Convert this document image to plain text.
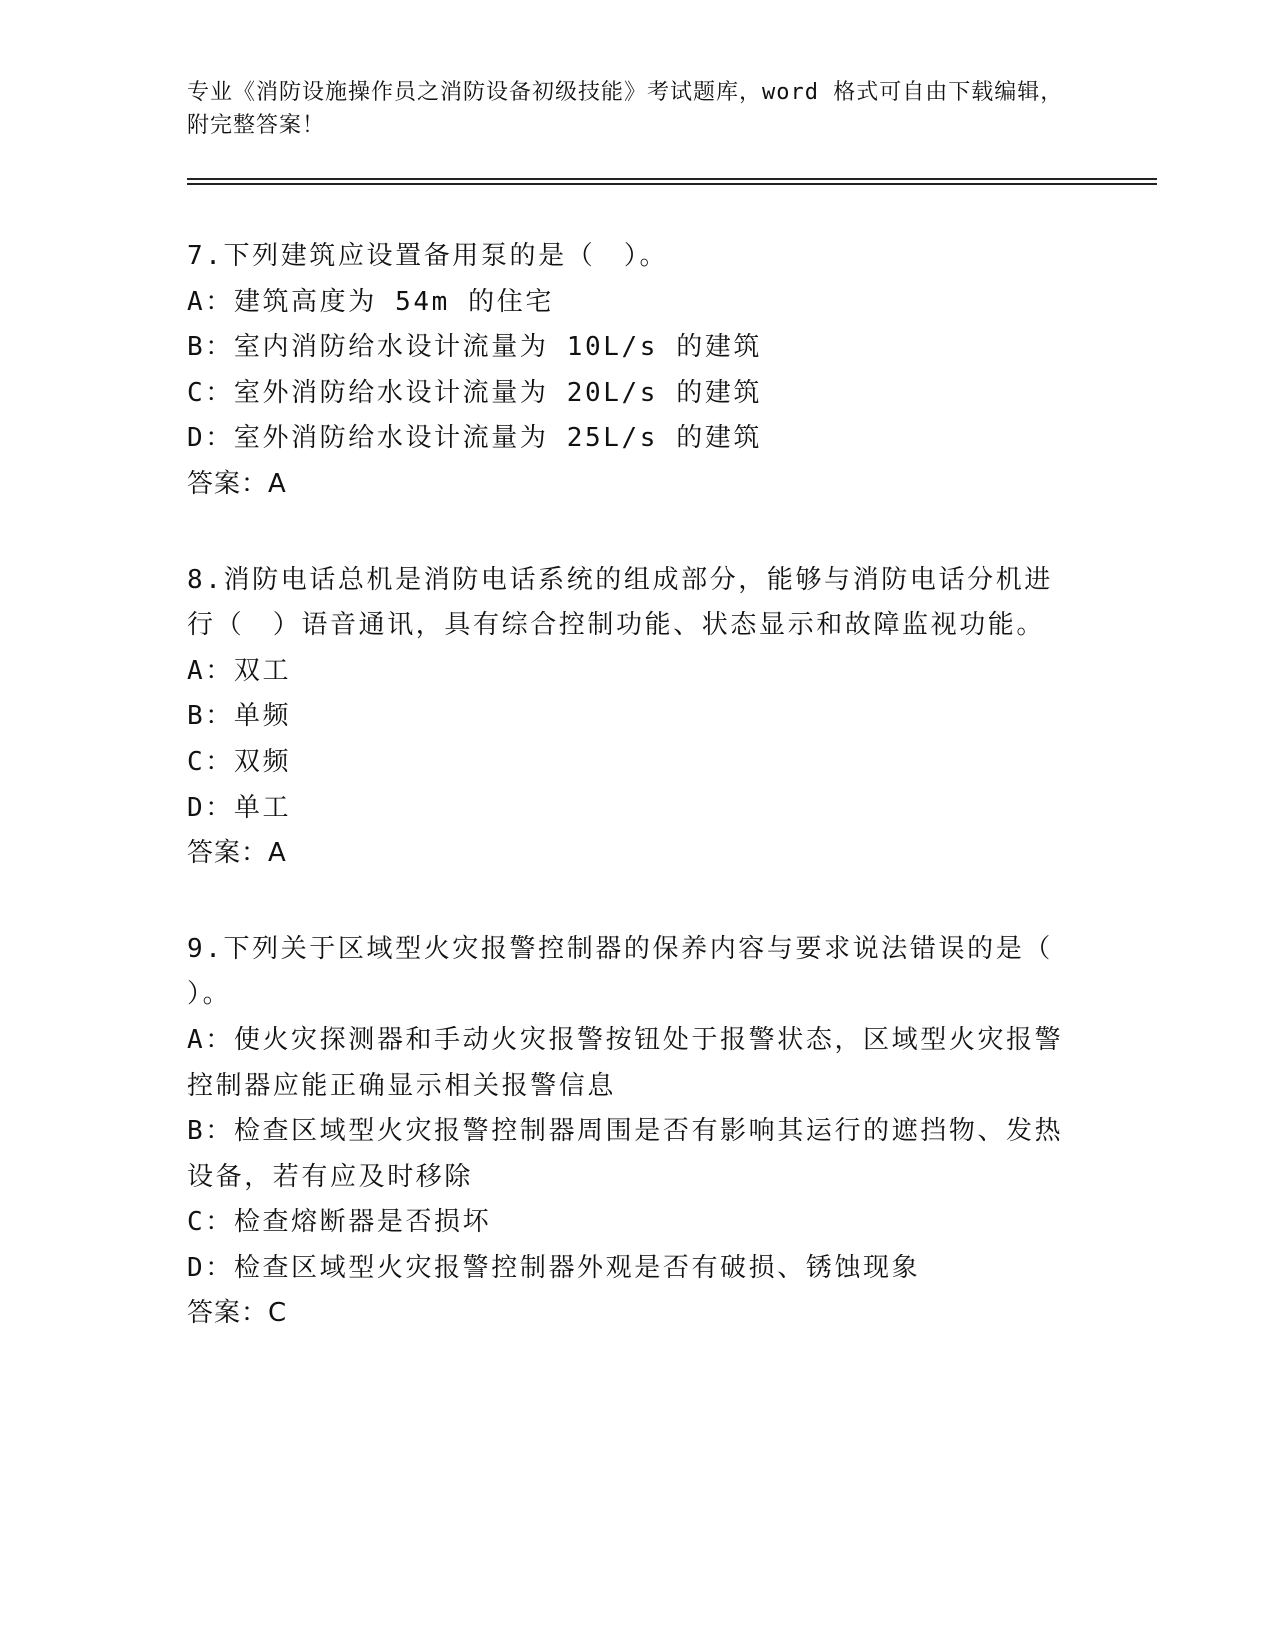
专业《消防设施操作员之消防设备初级技能》考试题库，word 格式可自由下载编辑，附完整答案！
7.下列建筑应设置备用泵的是（　）。
A：建筑高度为 54m 的住宅
B：室内消防给水设计流量为 10L/s 的建筑
C：室外消防给水设计流量为 20L/s 的建筑
D：室外消防给水设计流量为 25L/s 的建筑
答案：A
8.消防电话总机是消防电话系统的组成部分，能够与消防电话分机进
行（　）语音通讯，具有综合控制功能、状态显示和故障监视功能。
A：双工
B：单频
C：双频
D：单工
答案：A
9.下列关于区域型火灾报警控制器的保养内容与要求说法错误的是（
）。
A：使火灾探测器和手动火灾报警按钮处于报警状态，区域型火灾报警
控制器应能正确显示相关报警信息
B：检查区域型火灾报警控制器周围是否有影响其运行的遮挡物、发热
设备，若有应及时移除
C：检查熔断器是否损坏
D：检查区域型火灾报警控制器外观是否有破损、锈蚀现象
答案：C
